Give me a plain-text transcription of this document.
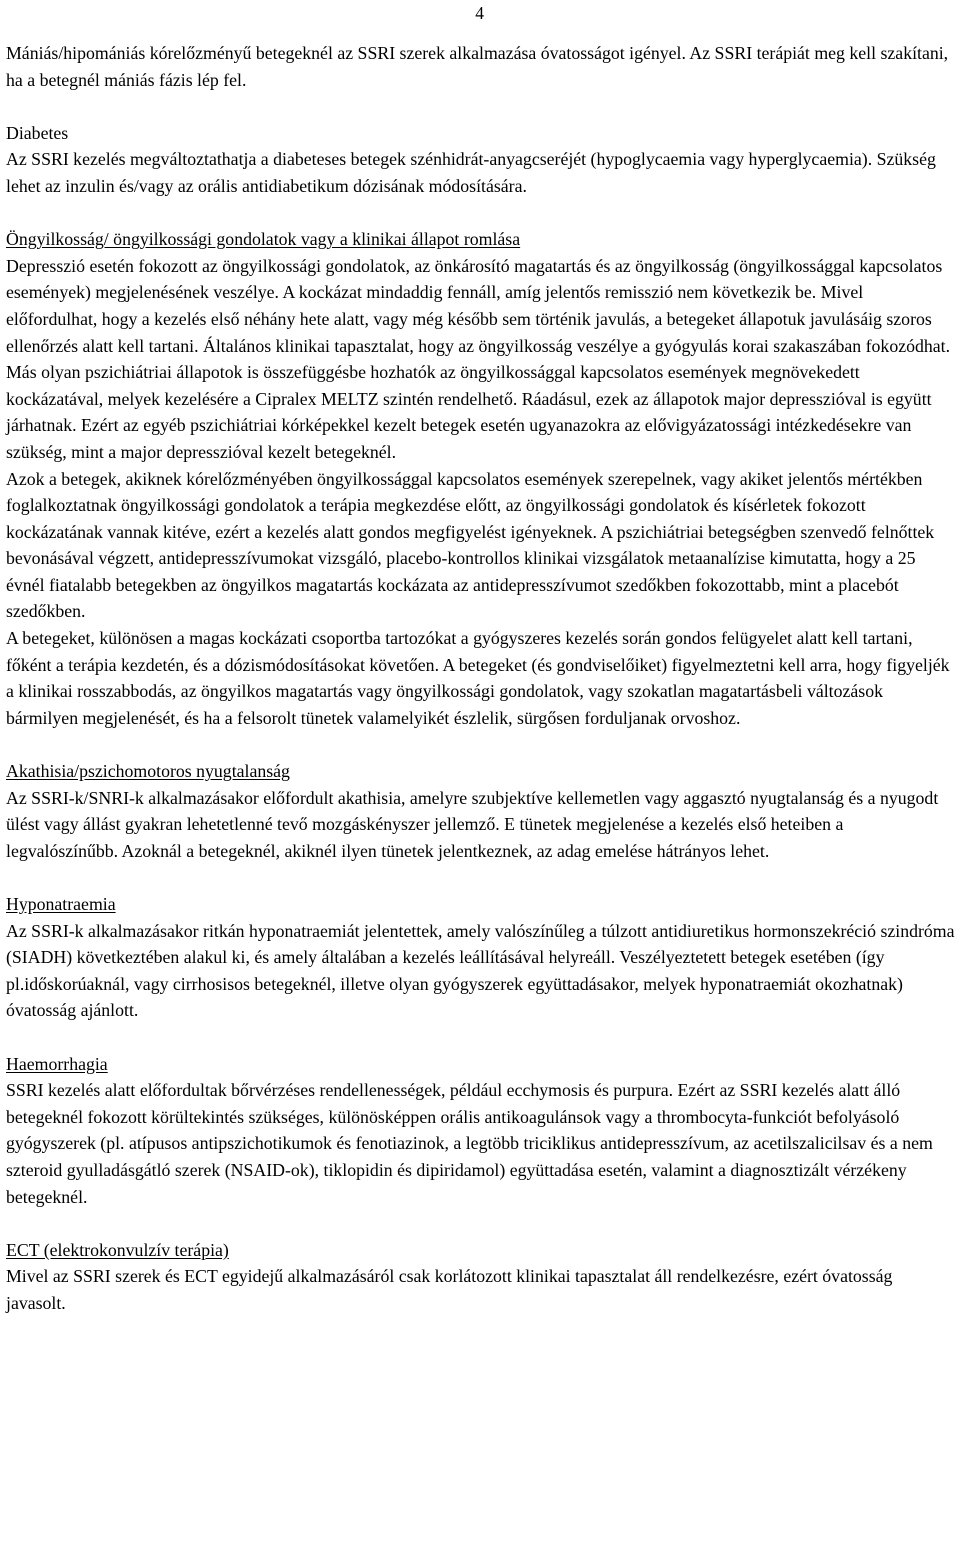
4

Mániás/hipomániás kórelőzményű betegeknél az SSRI szerek alkalmazása óvatosságot igényel. Az SSRI terápiát meg kell szakítani, ha a betegnél mániás fázis lép fel.

Diabetes

Az SSRI kezelés megváltoztathatja a diabeteses betegek szénhidrát-anyagcseréjét (hypoglycaemia vagy hyperglycaemia). Szükség lehet az inzulin és/vagy az orális antidiabetikum dózisának módosítására.

Öngyilkosság/ öngyilkossági gondolatok vagy a klinikai állapot romlása

Depresszió esetén fokozott az öngyilkossági gondolatok, az önkárosító magatartás és az öngyilkosság (öngyilkossággal kapcsolatos események) megjelenésének veszélye. A kockázat mindaddig fennáll, amíg jelentős remisszió nem következik be. Mivel előfordulhat, hogy a kezelés első néhány hete alatt, vagy még később sem történik javulás, a betegeket állapotuk javulásáig szoros ellenőrzés alatt kell tartani. Általános klinikai tapasztalat, hogy az öngyilkosság veszélye a gyógyulás korai szakaszában fokozódhat.

Más olyan pszichiátriai állapotok is összefüggésbe hozhatók az öngyilkossággal kapcsolatos események megnövekedett kockázatával, melyek kezelésére a Cipralex MELTZ szintén rendelhető. Ráadásul, ezek az állapotok major depresszióval is együtt járhatnak. Ezért az egyéb pszichiátriai kórképekkel kezelt betegek esetén ugyanazokra az elővigyázatossági intézkedésekre van szükség, mint a major depresszióval kezelt betegeknél.

Azok a betegek, akiknek kórelőzményében öngyilkossággal kapcsolatos események szerepelnek, vagy akiket jelentős mértékben foglalkoztatnak öngyilkossági gondolatok a terápia megkezdése előtt, az öngyilkossági gondolatok és kísérletek fokozott kockázatának vannak kitéve, ezért a kezelés alatt gondos megfigyelést igényeknek. A pszichiátriai betegségben szenvedő felnőttek bevonásával végzett, antidepresszívumokat vizsgáló, placebo-kontrollos klinikai vizsgálatok metaanalízise kimutatta, hogy a 25 évnél fiatalabb betegekben az öngyilkos magatartás kockázata az antidepresszívumot szedőkben fokozottabb, mint a placebót szedőkben.

A betegeket, különösen a magas kockázati csoportba tartozókat a gyógyszeres kezelés során gondos felügyelet alatt kell tartani, főként a terápia kezdetén, és a dózismódosításokat követően. A betegeket (és gondviselőiket) figyelmeztetni kell arra, hogy figyeljék a klinikai rosszabbodás, az öngyilkos magatartás vagy öngyilkossági gondolatok, vagy szokatlan magatartásbeli változások bármilyen megjelenését, és ha a felsorolt tünetek valamelyikét észlelik, sürgősen forduljanak orvoshoz.

Akathisia/pszichomotoros nyugtalanság

Az SSRI-k/SNRI-k alkalmazásakor előfordult akathisia, amelyre szubjektíve kellemetlen vagy aggasztó nyugtalanság és a nyugodt ülést vagy állást gyakran lehetetlenné tevő mozgáskényszer jellemző. E tünetek megjelenése a kezelés első heteiben a legvalószínűbb. Azoknál a betegeknél, akiknél ilyen tünetek jelentkeznek, az adag emelése hátrányos lehet.

Hyponatraemia

Az SSRI-k alkalmazásakor ritkán hyponatraemiát jelentettek, amely valószínűleg a túlzott antidiuretikus hormonszekréció szindróma (SIADH) következtében alakul ki, és amely általában a kezelés leállításával helyreáll. Veszélyeztetett betegek esetében (így pl.időskorúaknál, vagy cirrhosisos betegeknél, illetve olyan gyógyszerek együttadásakor, melyek hyponatraemiát okozhatnak) óvatosság ajánlott.

Haemorrhagia

SSRI kezelés alatt előfordultak bőrvérzéses rendellenességek, például ecchymosis és purpura. Ezért az SSRI kezelés alatt álló betegeknél fokozott körültekintés szükséges, különösképpen orális antikoagulánsok vagy a thrombocyta-funkciót befolyásoló gyógyszerek (pl. atípusos antipszichotikumok és fenotiazinok, a legtöbb triciklikus antidepresszívum, az acetilszalicilsav és a nem szteroid gyulladásgátló szerek (NSAID-ok), tiklopidin és dipiridamol) együttadása esetén, valamint a diagnosztizált vérzékeny betegeknél.

ECT (elektrokonvulzív terápia)

Mivel az SSRI szerek és ECT egyidejű alkalmazásáról csak korlátozott klinikai tapasztalat áll rendelkezésre, ezért óvatosság javasolt.
